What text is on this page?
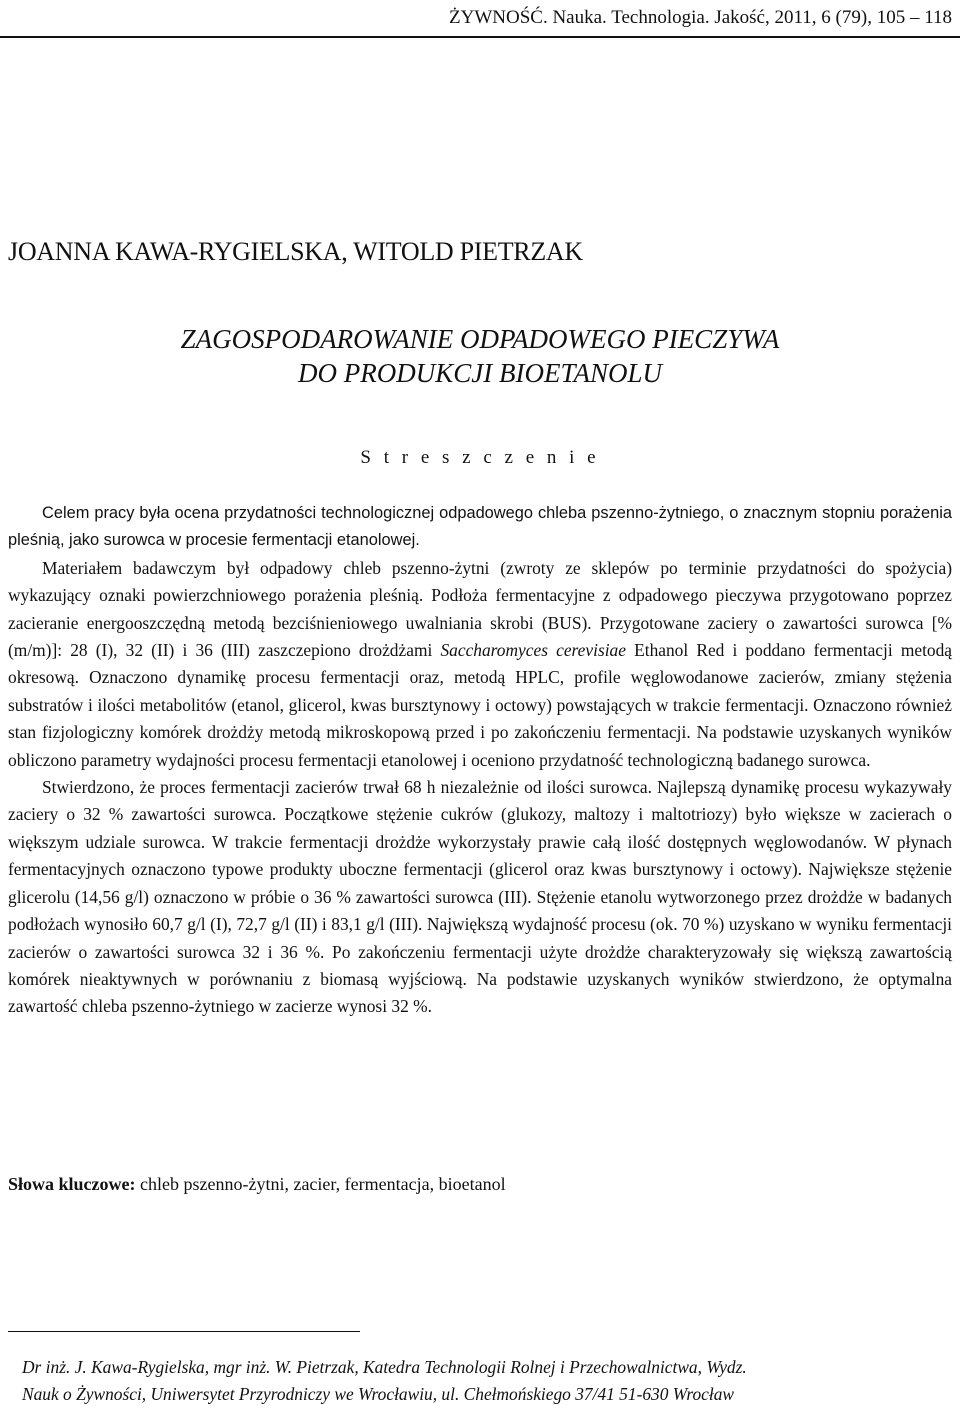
ŻYWNOŚĆ. Nauka. Technologia. Jakość, 2011, 6 (79), 105 – 118
JOANNA KAWA-RYGIELSKA, WITOLD PIETRZAK
ZAGOSPODAROWANIE ODPADOWEGO PIECZYWA
DO PRODUKCJI BIOETANOLU
S t r e s z c z e n i e

Celem pracy była ocena przydatności technologicznej odpadowego chleba pszenno-żytniego, o znacznym stopniu porażenia pleśnią, jako surowca w procesie fermentacji etanolowej.

Materiałem badawczym był odpadowy chleb pszenno-żytni (zwroty ze sklepów po terminie przydatności do spożycia) wykazujący oznaki powierzchniowego porażenia pleśnią. Podłoża fermentacyjne z odpadowego pieczywa przygotowano poprzez zacieranie energooszczędną metodą bezciśnieniowego uwalniania skrobi (BUS). Przygotowane zaciery o zawartości surowca [% (m/m)]: 28 (I), 32 (II) i 36 (III) zaszczepiono drożdżami Saccharomyces cerevisiae Ethanol Red i poddano fermentacji metodą okresową. Oznaczono dynamikę procesu fermentacji oraz, metodą HPLC, profile węglowodanowe zacierów, zmiany stężenia substratów i ilości metabolitów (etanol, glicerol, kwas bursztynowy i octowy) powstających w trakcie fermentacji. Oznaczono również stan fizjologiczny komórek drożdży metodą mikroskopową przed i po zakończeniu fermentacji. Na podstawie uzyskanych wyników obliczono parametry wydajności procesu fermentacji etanolowej i oceniono przydatność technologiczną badanego surowca.

Stwierdzono, że proces fermentacji zacierów trwał 68 h niezależnie od ilości surowca. Najlepszą dynamikę procesu wykazywały zaciery o 32 % zawartości surowca. Początkowe stężenie cukrów (glukozy, maltozy i maltotriozy) było większe w zacierach o większym udziale surowca. W trakcie fermentacji drożdże wykorzystały prawie całą ilość dostępnych węglowodanów. W płynach fermentacyjnych oznaczono typowe produkty uboczne fermentacji (glicerol oraz kwas bursztynowy i octowy). Największe stężenie glicerolu (14,56 g/l) oznaczono w próbie o 36 % zawartości surowca (III). Stężenie etanolu wytworzonego przez drożdże w badanych podłożach wynosiło 60,7 g/l (I), 72,7 g/l (II) i 83,1 g/l (III). Największą wydajność procesu (ok. 70 %) uzyskano w wyniku fermentacji zacierów o zawartości surowca 32 i 36 %. Po zakończeniu fermentacji użyte drożdże charakteryzowały się większą zawartością komórek nieaktywnych w porównaniu z biomasą wyjściową. Na podstawie uzyskanych wyników stwierdzono, że optymalna zawartość chleba pszenno-żytniego w zacierze wynosi 32 %.

Słowa kluczowe: chleb pszenno-żytni, zacier, fermentacja, bioetanol
Dr inż. J. Kawa-Rygielska, mgr inż. W. Pietrzak, Katedra Technologii Rolnej i Przechowalnictwa, Wydz.
Nauk o Żywności, Uniwersytet Przyrodniczy we Wrocławiu, ul. Chełmońskiego 37/41 51-630 Wrocław
